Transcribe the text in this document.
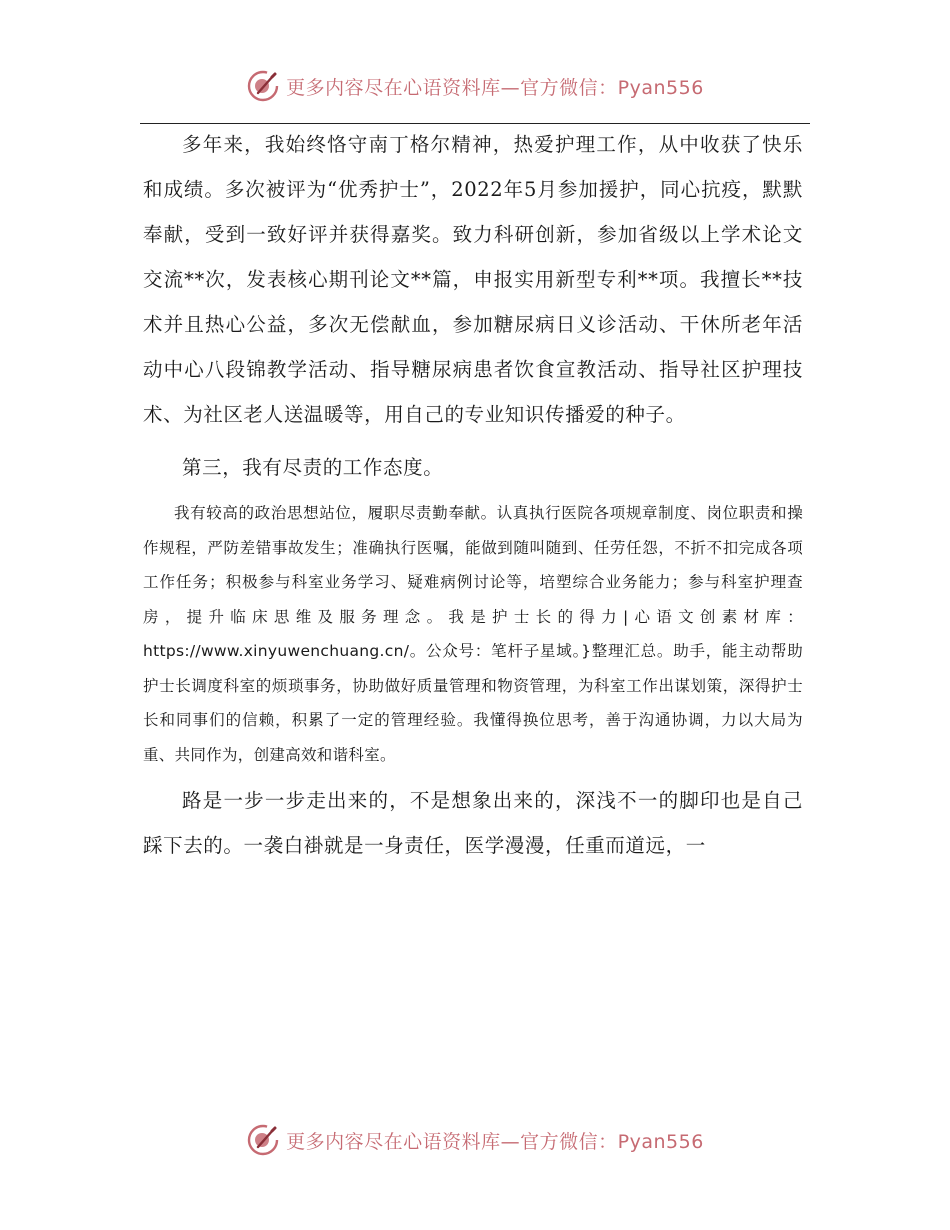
更多内容尽在心语资料库—官方微信：Pyan556

多年来，我始终恪守南丁格尔精神，热爱护理工作，从中收获了快乐和成绩。多次被评为“优秀护士”，2022年5月参加援护，同心抗疫，默默奉献，受到一致好评并获得嘉奖。致力科研创新，参加省级以上学术论文交流**次，发表核心期刊论文**篇，申报实用新型专利**项。我擅长**技术并且热心公益，多次无偿献血，参加糖尿病日义诊活动、干休所老年活动中心八段锦教学活动、指导糖尿病患者饮食宣教活动、指导社区护理技术、为社区老人送温暖等，用自己的专业知识传播爱的种子。

第三，我有尽责的工作态度。

我有较高的政治思想站位，履职尽责勤奉献。认真执行医院各项规章制度、岗位职责和操作规程，严防差错事故发生；准确执行医嘱，能做到随叫随到、任劳任怨，不折不扣完成各项工作任务；积极参与科室业务学习、疑难病例讨论等，培塑综合业务能力；参与科室护理查房，提升临床思维及服务理念。我是护士长的得力|心语文创素材库：https://www.xinyuwenchuang.cn/。公众号：笔杆子星域。}整理汇总。助手，能主动帮助护士长调度科室的烦琐事务，协助做好质量管理和物资管理，为科室工作出谋划策，深得护士长和同事们的信赖，积累了一定的管理经验。我懂得换位思考，善于沟通协调，力以大局为重、共同作为，创建高效和谐科室。

路是一步一步走出来的，不是想象出来的，深浅不一的脚印也是自己踩下去的。一袭白褂就是一身责任，医学漫漫，任重而道远，一

更多内容尽在心语资料库—官方微信：Pyan556
